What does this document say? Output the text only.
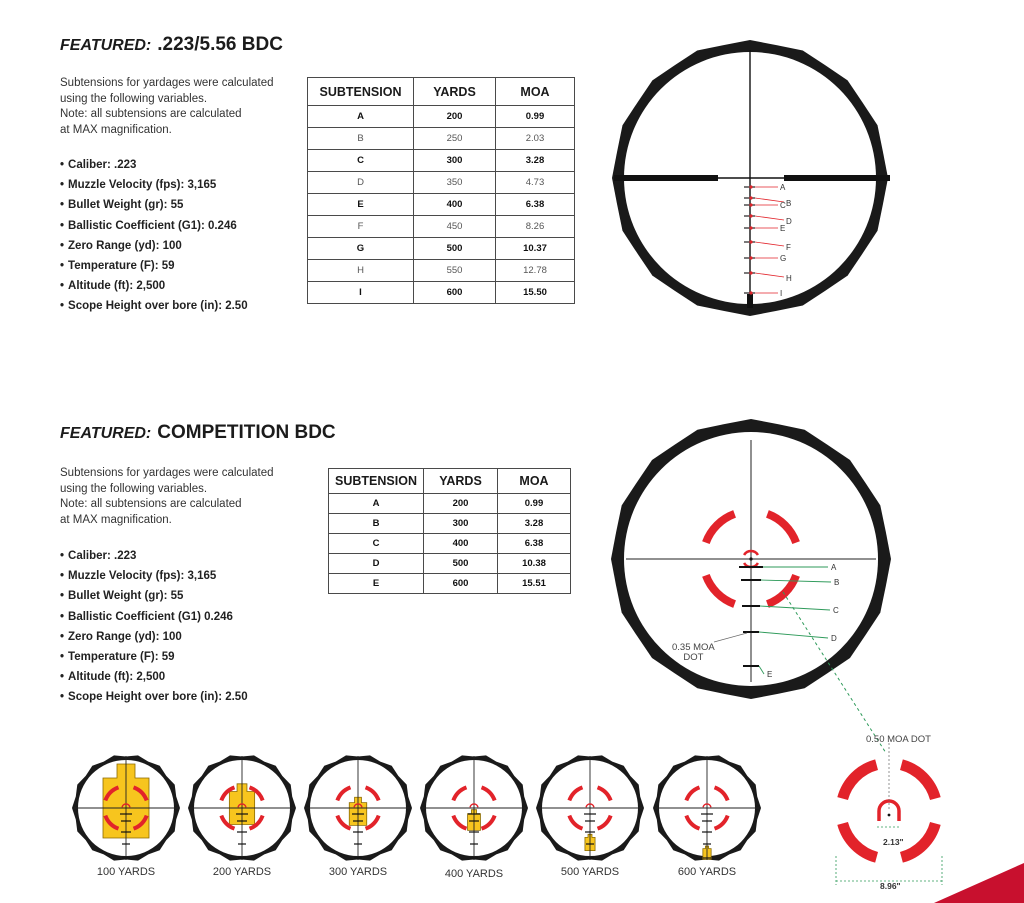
FEATURED: .223/5.56 BDC
Subtensions for yardages were calculated
using the following variables.
Note: all subtensions are calculated
at MAX magnification.
• Caliber: .223
• Muzzle Velocity (fps): 3,165
• Bullet Weight (gr): 55
• Ballistic Coefficient (G1): 0.246
• Zero Range (yd): 100
• Temperature (F): 59
• Altitude (ft): 2,500
• Scope Height over bore (in): 2.50
SUBTENSION	YARDS	MOA
A	200	0.99
B	250	2.03
C	300	3.28
D	350	4.73
E	400	6.38
F	450	8.26
G	500	10.37
H	550	12.78
I	600	15.50
A
B
C
D
E
F
G
H
I
FEATURED: COMPETITION BDC
Subtensions for yardages were calculated
using the following variables.
Note: all subtensions are calculated
at MAX magnification.
• Caliber: .223
• Muzzle Velocity (fps): 3,165
• Bullet Weight (gr): 55
• Ballistic Coefficient (G1) 0.246
• Zero Range (yd): 100
• Temperature (F): 59
• Altitude (ft): 2,500
• Scope Height over bore (in): 2.50
SUBTENSION	YARDS	MOA
A	200	0.99
B	300	3.28
C	400	6.38
D	500	10.38
E	600	15.51
A
B
C
D
E
0.35 MOA
DOT
0.50 MOA DOT
2.13"
8.96"
100 YARDS	200 YARDS	300 YARDS	400 YARDS	500 YARDS	600 YARDS
